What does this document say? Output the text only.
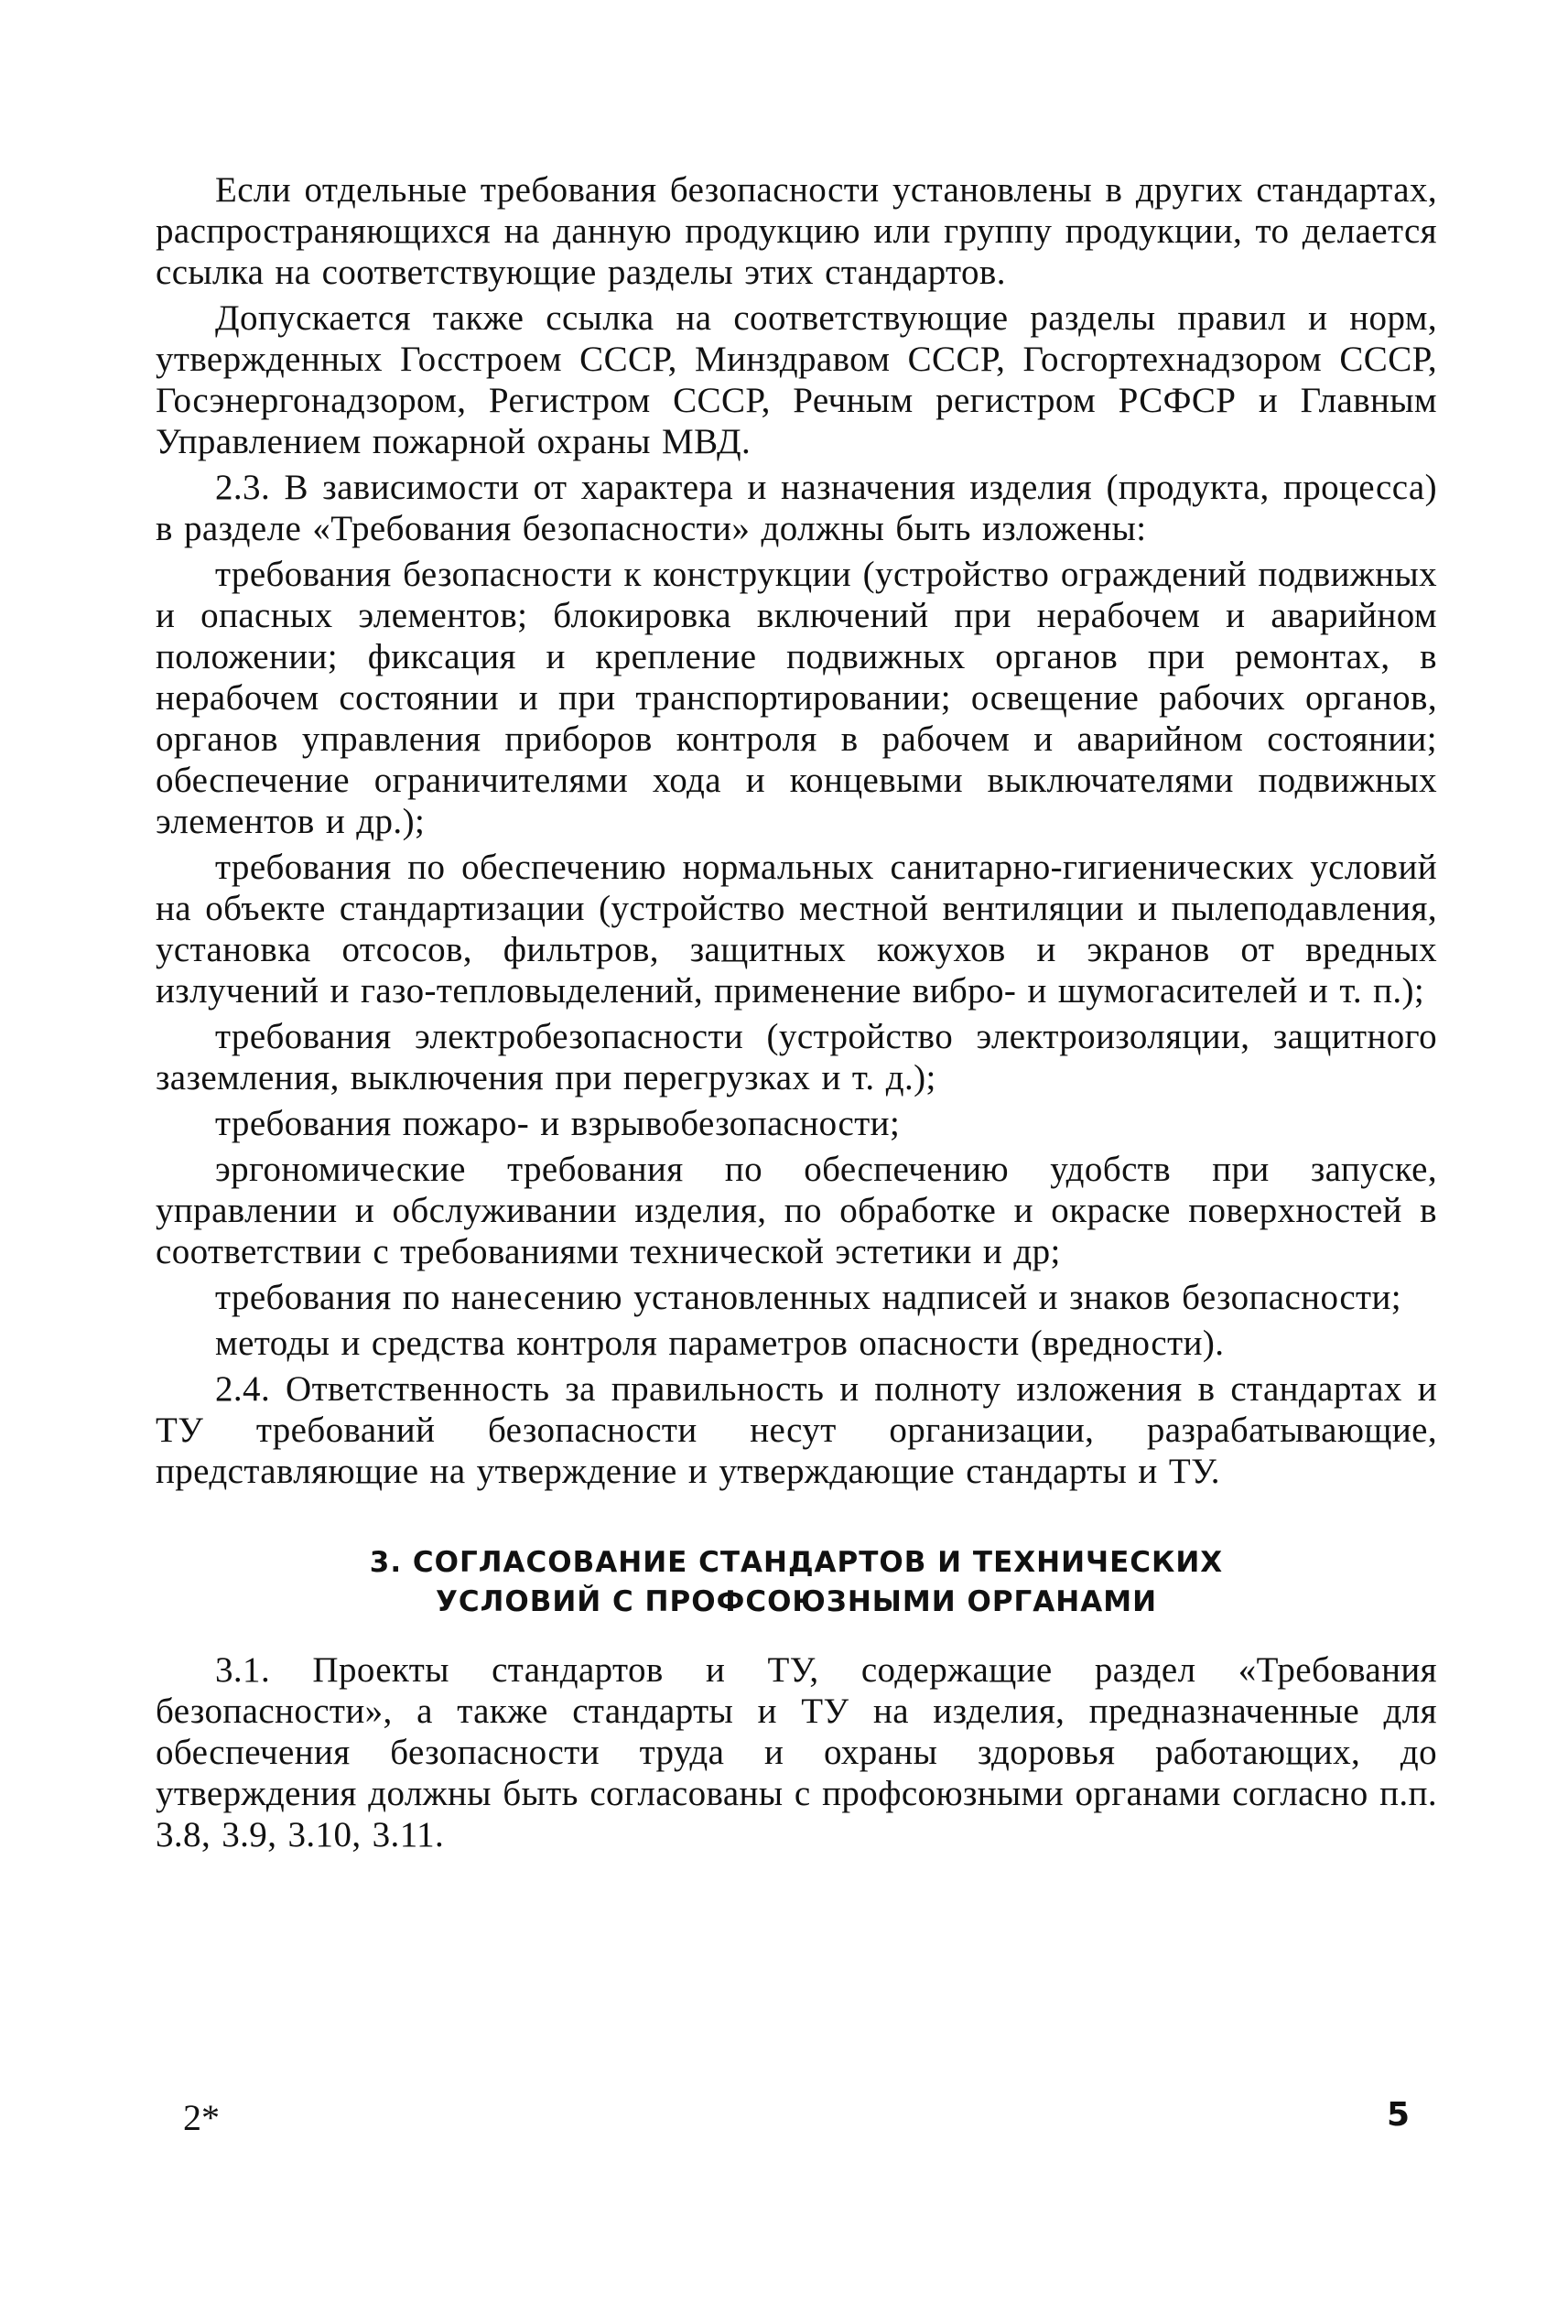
Если отдельные требования безопасности установлены в других стандартах, распространяющихся на данную продукцию или группу продукции, то делается ссылка на соответствующие разделы этих стандартов.

Допускается также ссылка на соответствующие разделы правил и норм, утвержденных Госстроем СССР, Минздравом СССР, Госгортехнадзором СССР, Госэнергонадзором, Регистром СССР, Речным регистром РСФСР и Главным Управлением пожарной охраны МВД.

2.3. В зависимости от характера и назначения изделия (продукта, процесса) в разделе «Требования безопасности» должны быть изложены:

требования безопасности к конструкции (устройство ограждений подвижных и опасных элементов; блокировка включений при нерабочем и аварийном положении; фиксация и крепление подвижных органов при ремонтах, в нерабочем состоянии и при транспортировании; освещение рабочих органов, органов управления приборов контроля в рабочем и аварийном состоянии; обеспечение ограничителями хода и концевыми выключателями подвижных элементов и др.);

требования по обеспечению нормальных санитарно-гигиенических условий на объекте стандартизации (устройство местной вентиляции и пылеподавления, установка отсосов, фильтров, защитных кожухов и экранов от вредных излучений и газо-тепловыделений, применение вибро- и шумогасителей и т. п.);

требования электробезопасности (устройство электроизоляции, защитного заземления, выключения при перегрузках и т. д.);

требования пожаро- и взрывобезопасности;

эргономические требования по обеспечению удобств при запуске, управлении и обслуживании изделия, по обработке и окраске поверхностей в соответствии с требованиями технической эстетики и др;

требования по нанесению установленных надписей и знаков безопасности;

методы и средства контроля параметров опасности (вредности).

2.4. Ответственность за правильность и полноту изложения в стандартах и ТУ требований безопасности несут организации, разрабатывающие, представляющие на утверждение и утверждающие стандарты и ТУ.

3. СОГЛАСОВАНИЕ СТАНДАРТОВ И ТЕХНИЧЕСКИХ
УСЛОВИЙ С ПРОФСОЮЗНЫМИ ОРГАНАМИ

3.1. Проекты стандартов и ТУ, содержащие раздел «Требования безопасности», а также стандарты и ТУ на изделия, предназначенные для обеспечения безопасности труда и охраны здоровья работающих, до утверждения должны быть согласованы с профсоюзными органами согласно п.п. 3.8, 3.9, 3.10, 3.11.

2*	5
